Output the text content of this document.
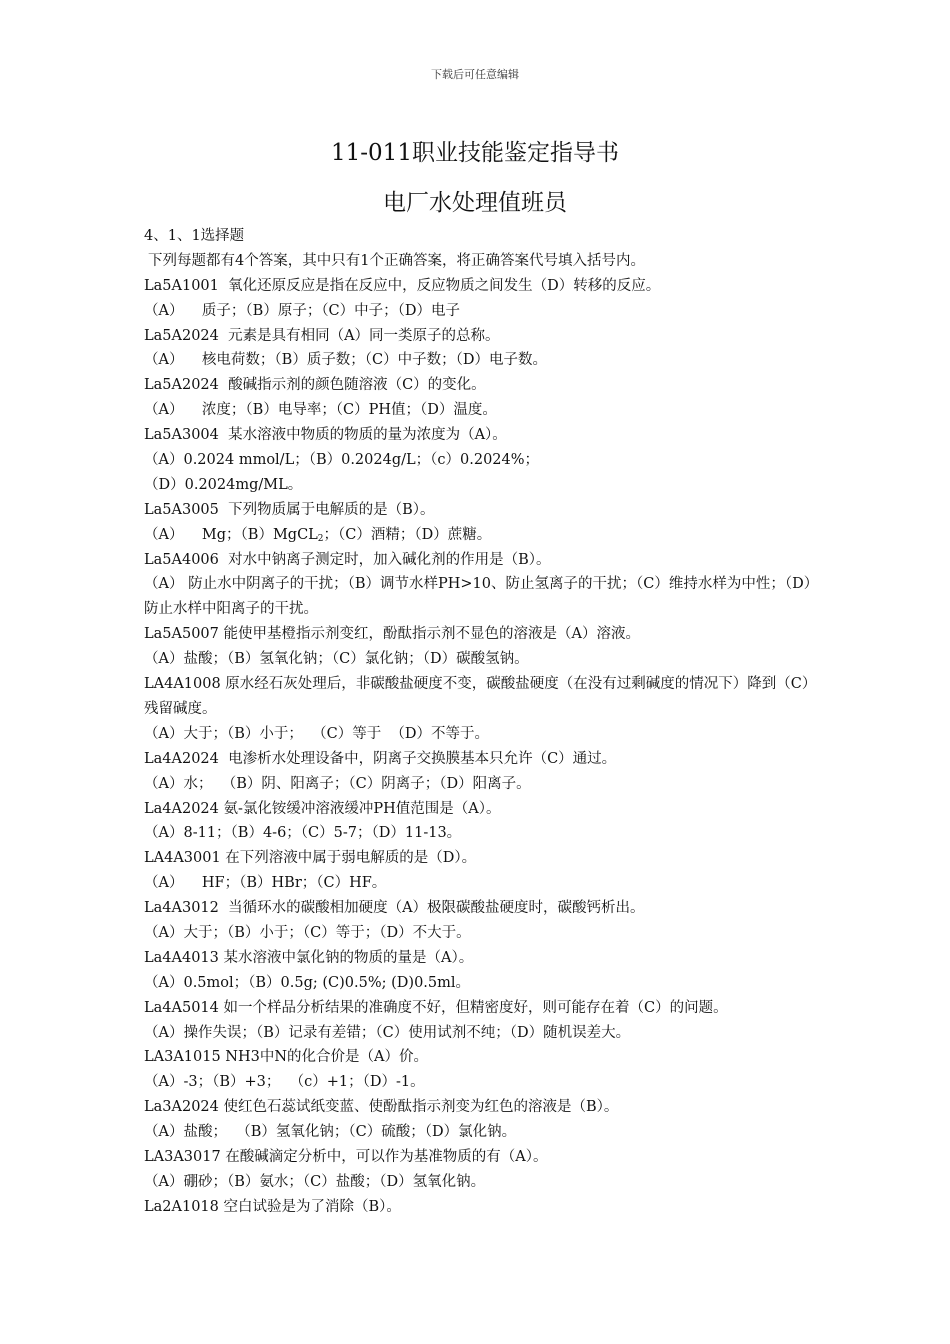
下载后可任意编辑
11-011职业技能鉴定指导书
电厂水处理值班员
4、1、1选择题
下列每题都有4个答案，其中只有1个正确答案，将正确答案代号填入括号内。
La5A1001  氧化还原反应是指在反应中，反应物质之间发生（D）转移的反应。
（A）    质子；（B）原子；（C）中子；（D）电子
La5A2024  元素是具有相同（A）同一类原子的总称。
（A）    核电荷数；（B）质子数；（C）中子数；（D）电子数。
La5A2024  酸碱指示剂的颜色随溶液（C）的变化。
（A）    浓度；（B）电导率；（C）PH值；（D）温度。
La5A3004  某水溶液中物质的物质的量为浓度为（A）。
（A）0.2024 mmol/L；（B）0.2024g/L；（c）0.2024%；
（D）0.2024mg/ML。
La5A3005  下列物质属于电解质的是（B）。
（A）    Mg；（B）MgCL$_2$；（C）酒精；（D）蔗糖。
La5A4006  对水中钠离子测定时，加入碱化剂的作用是（B）。
（A） 防止水中阴离子的干扰；（B）调节水样PH>10、防止氢离子的干扰；（C）维持水样为中性；（D）防止水样中阳离子的干扰。
La5A5007 能使甲基橙指示剂变红，酚酞指示剂不显色的溶液是（A）溶液。
（A）盐酸；（B）氢氧化钠；（C）氯化钠；（D）碳酸氢钠。
LA4A1008 原水经石灰处理后，非碳酸盐硬度不变，碳酸盐硬度（在没有过剩碱度的情况下）降到（C）残留碱度。
（A）大于；（B）小于；  （C）等于  （D）不等于。
La4A2024  电渗析水处理设备中，阴离子交换膜基本只允许（C）通过。
（A）水；  （B）阴、阳离子；（C）阴离子；（D）阳离子。
La4A2024 氨-氯化铵缓冲溶液缓冲PH值范围是（A）。
（A）8-11；（B）4-6；（C）5-7；（D）11-13。
LA4A3001 在下列溶液中属于弱电解质的是（D）。
（A）    HF；（B）HBr；（C）HF。
La4A3012  当循环水的碳酸相加硬度（A）极限碳酸盐硬度时，碳酸钙析出。
（A）大于；（B）小于；（C）等于；（D）不大于。
La4A4013 某水溶液中氯化钠的物质的量是（A）。
（A）0.5mol；（B）0.5g; (C)0.5%; (D)0.5ml。
La4A5014 如一个样品分析结果的准确度不好，但精密度好，则可能存在着（C）的问题。
（A）操作失误；（B）记录有差错；（C）使用试剂不纯；（D）随机误差大。
LA3A1015 NH3中N的化合价是（A）价。
（A）-3；（B）+3；  （c）+1；（D）-1。
La3A2024 使红色石蕊试纸变蓝、使酚酞指示剂变为红色的溶液是（B）。
（A）盐酸；  （B）氢氧化钠；（C）硫酸；（D）氯化钠。
LA3A3017 在酸碱滴定分析中，可以作为基准物质的有（A）。
（A）硼砂；（B）氨水；（C）盐酸；（D）氢氧化钠。
La2A1018 空白试验是为了消除（B）。
